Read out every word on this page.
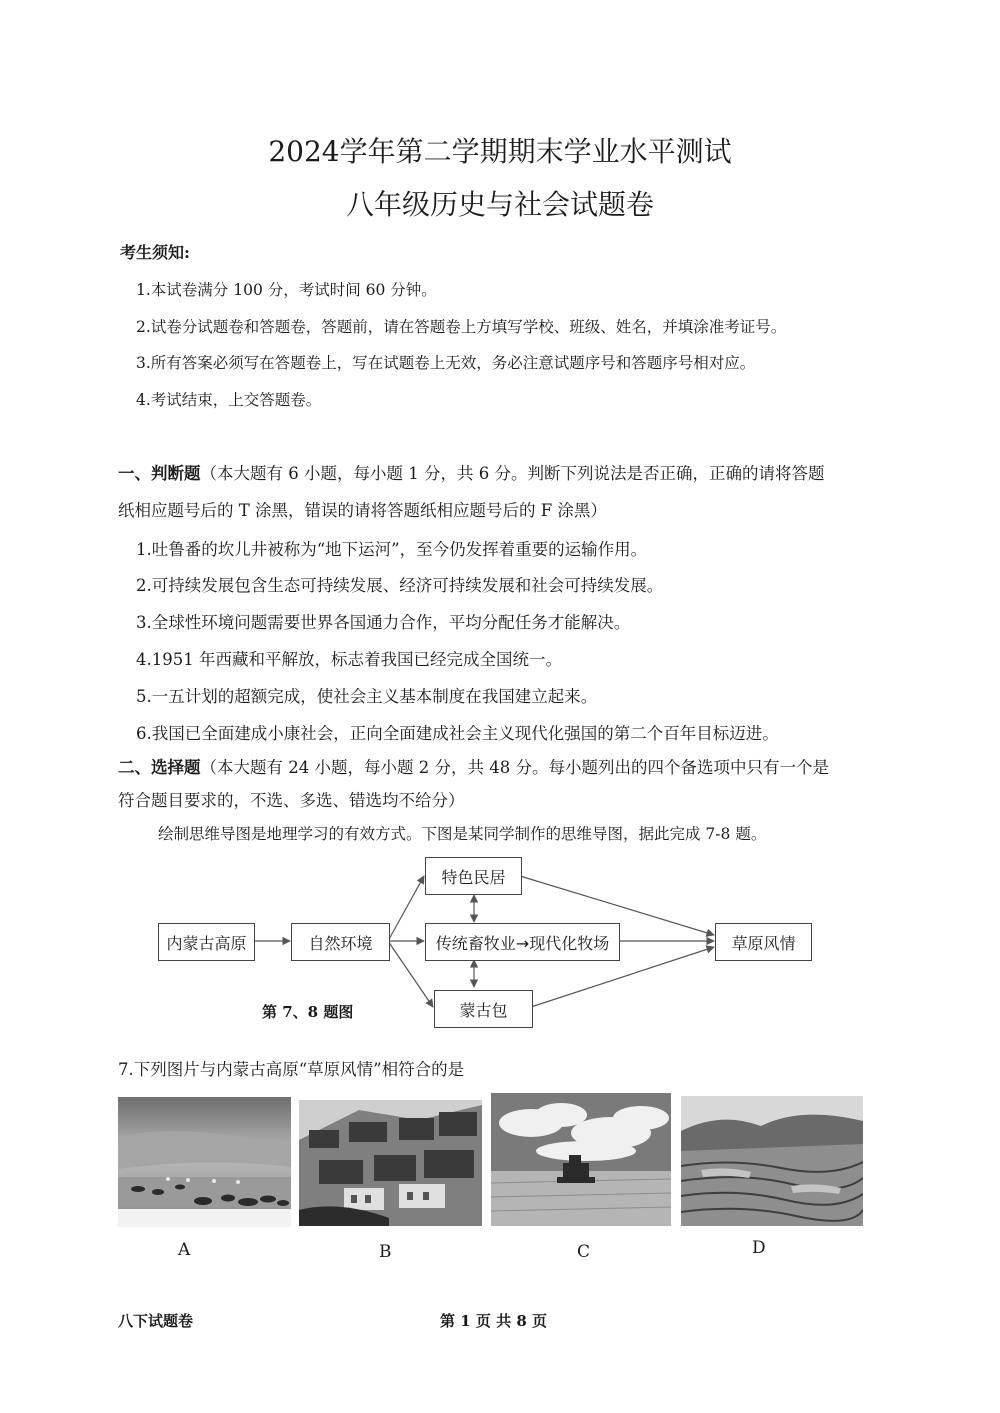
2024学年第二学期期末学业水平测试
八年级历史与社会试题卷
考生须知:
1.本试卷满分 100 分，考试时间 60 分钟。
2.试卷分试题卷和答题卷，答题前，请在答题卷上方填写学校、班级、姓名，并填涂准考证号。
3.所有答案必须写在答题卷上，写在试题卷上无效，务必注意试题序号和答题序号相对应。
4.考试结束，上交答题卷。
一、判断题（本大题有 6 小题，每小题 1 分，共 6 分。判断下列说法是否正确，正确的请将答题
纸相应题号后的 T 涂黑，错误的请将答题纸相应题号后的 F 涂黑）
1.吐鲁番的坎儿井被称为“地下运河”，至今仍发挥着重要的运输作用。
2.可持续发展包含生态可持续发展、经济可持续发展和社会可持续发展。
3.全球性环境问题需要世界各国通力合作，平均分配任务才能解决。
4.1951 年西藏和平解放，标志着我国已经完成全国统一。
5.一五计划的超额完成，使社会主义基本制度在我国建立起来。
6.我国已全面建成小康社会，正向全面建成社会主义现代化强国的第二个百年目标迈进。
二、选择题（本大题有 24 小题，每小题 2 分，共 48 分。每小题列出的四个备选项中只有一个是
符合题目要求的，不选、多选、错选均不给分）
绘制思维导图是地理学习的有效方式。下图是某同学制作的思维导图，据此完成 7-8 题。
内蒙古高原	自然环境
特色民居
传统畜牧业→现代化牧场
蒙古包
草原风情
第 7、8 题图
7.下列图片与内蒙古高原“草原风情”相符合的是
A	B	C	D
八下试题卷	第 1 页 共 8 页
